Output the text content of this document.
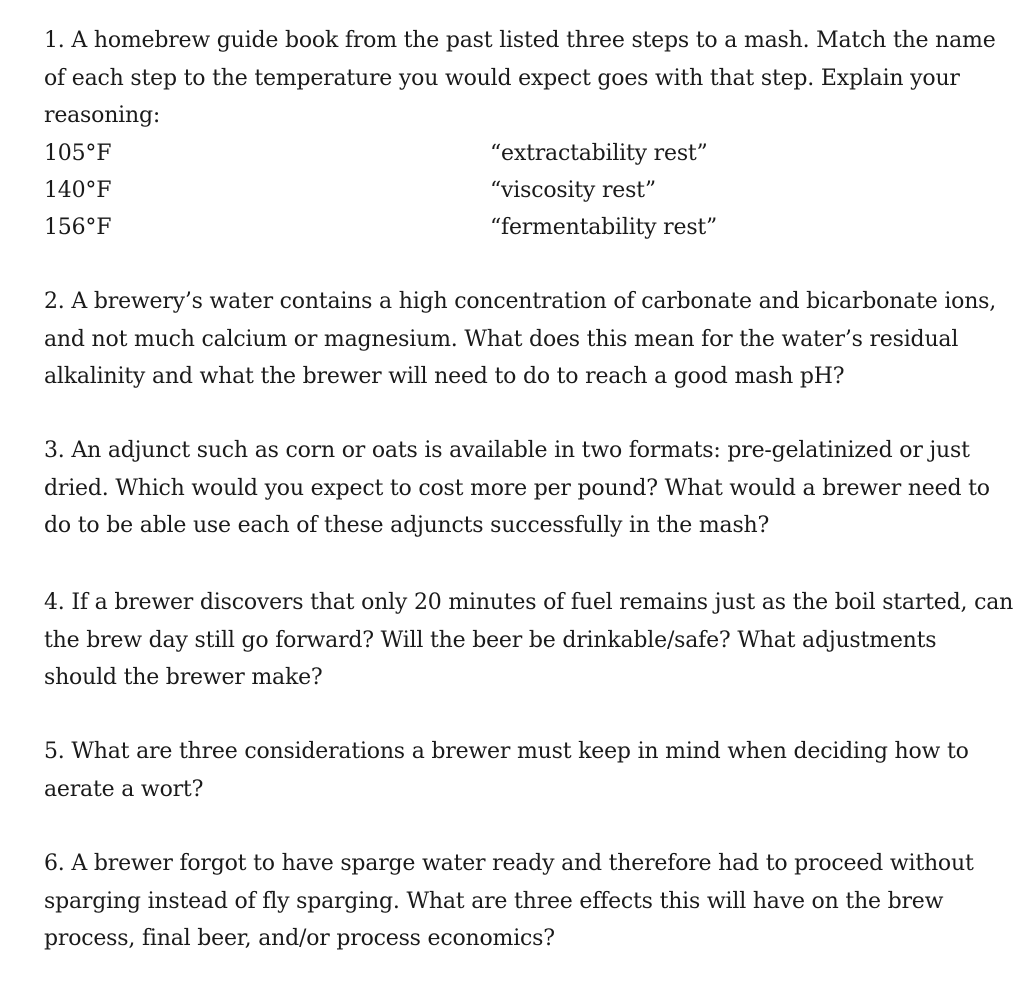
1. A homebrew guide book from the past listed three steps to a mash. Match the name
of each step to the temperature you would expect goes with that step. Explain your
reasoning:
105°F	“extractability rest”
140°F	“viscosity rest”
156°F	“fermentability rest”
2. A brewery’s water contains a high concentration of carbonate and bicarbonate ions,
and not much calcium or magnesium. What does this mean for the water’s residual
alkalinity and what the brewer will need to do to reach a good mash pH?
3. An adjunct such as corn or oats is available in two formats: pre-gelatinized or just
dried. Which would you expect to cost more per pound? What would a brewer need to
do to be able use each of these adjuncts successfully in the mash?
4. If a brewer discovers that only 20 minutes of fuel remains just as the boil started, can
the brew day still go forward? Will the beer be drinkable/safe? What adjustments
should the brewer make?
5. What are three considerations a brewer must keep in mind when deciding how to
aerate a wort?
6. A brewer forgot to have sparge water ready and therefore had to proceed without
sparging instead of fly sparging. What are three effects this will have on the brew
process, final beer, and/or process economics?
